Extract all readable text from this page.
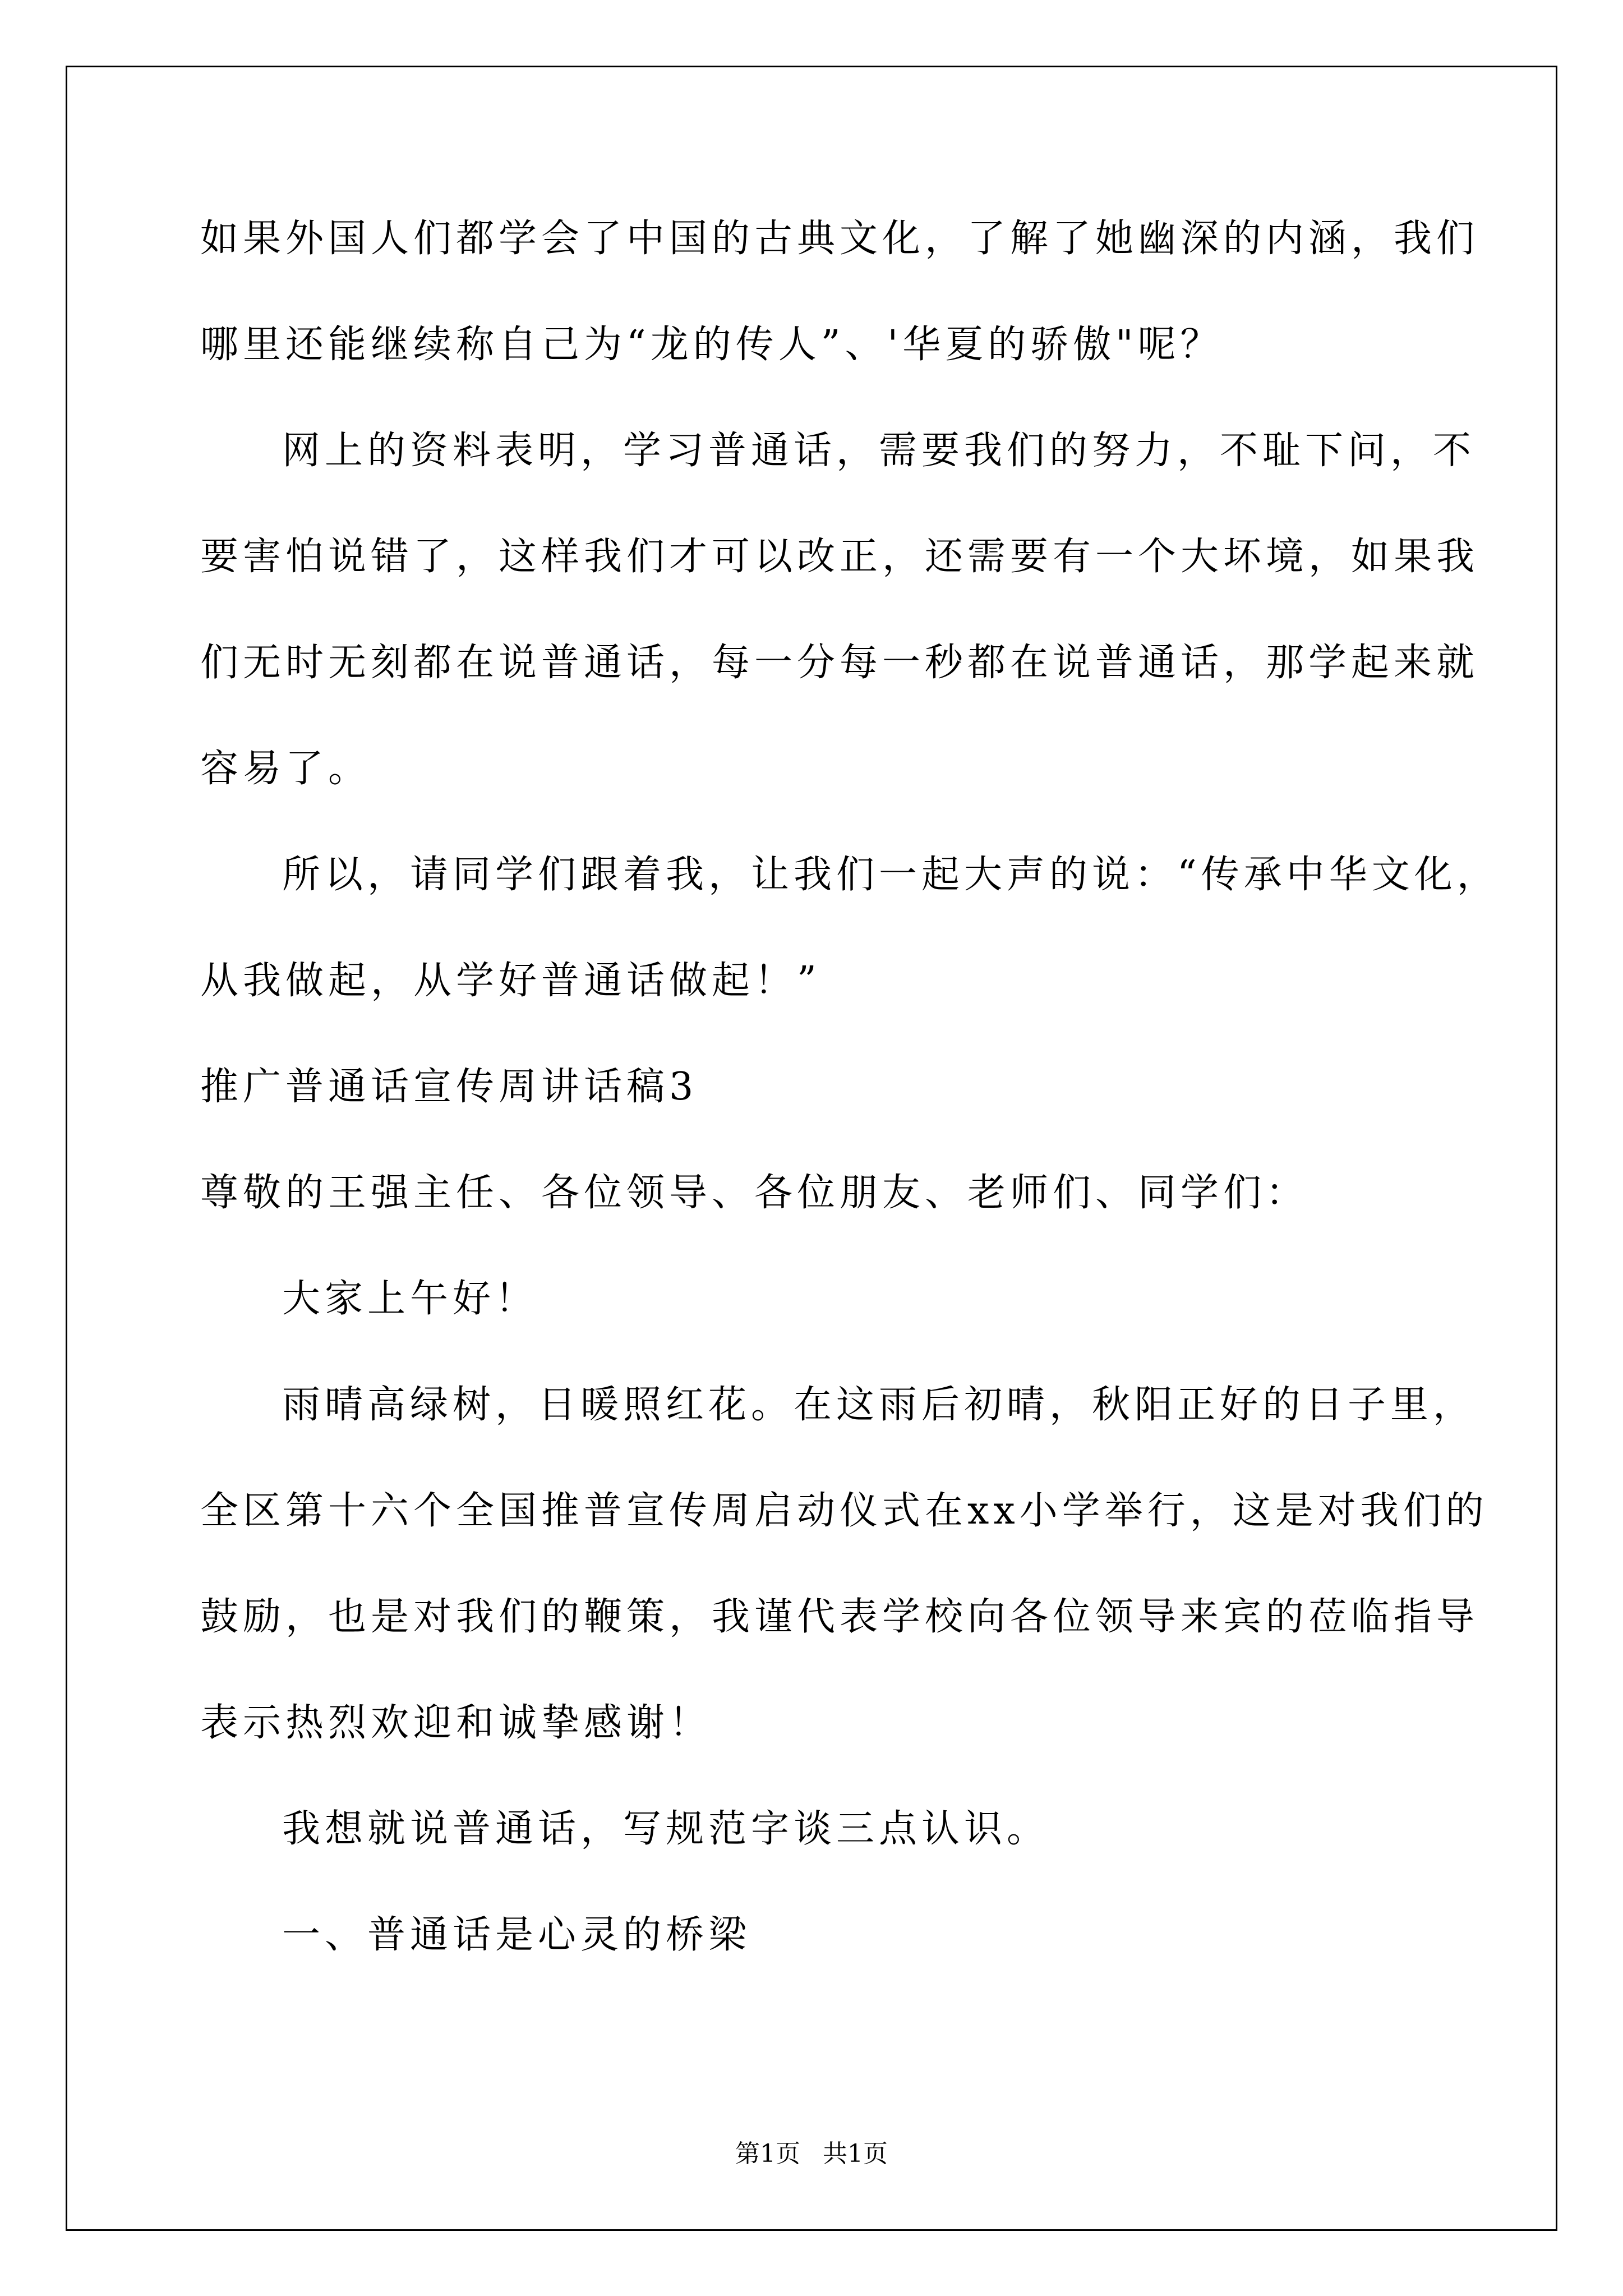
如果外国人们都学会了中国的古典文化，了解了她幽深的内涵，我们
哪里还能继续称自己为“龙的传人”、'华夏的骄傲"呢？
网上的资料表明，学习普通话，需要我们的努力，不耻下问，不
要害怕说错了，这样我们才可以改正，还需要有一个大坏境，如果我
们无时无刻都在说普通话，每一分每一秒都在说普通话，那学起来就
容易了。
所以，请同学们跟着我，让我们一起大声的说：“传承中华文化，
从我做起，从学好普通话做起！”
推广普通话宣传周讲话稿3
尊敬的王强主任、各位领导、各位朋友、老师们、同学们：
大家上午好！
雨晴高绿树，日暖照红花。在这雨后初晴，秋阳正好的日子里，
全区第十六个全国推普宣传周启动仪式在xx小学举行，这是对我们的
鼓励，也是对我们的鞭策，我谨代表学校向各位领导来宾的莅临指导
表示热烈欢迎和诚挚感谢！
我想就说普通话，写规范字谈三点认识。
一、普通话是心灵的桥梁
第1页 共1页
